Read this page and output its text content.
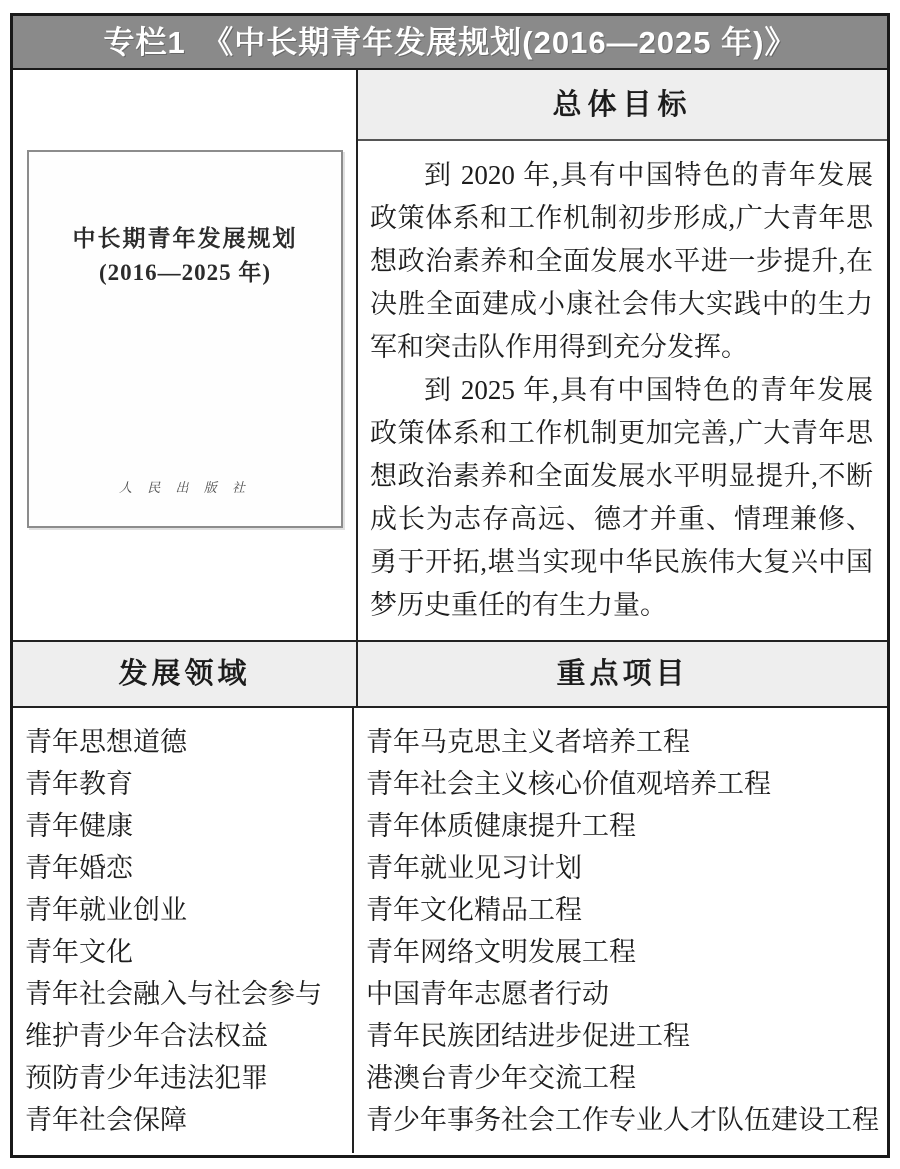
专栏1　《中长期青年发展规划(2016—2025 年)》
中长期青年发展规划
(2016—2025 年)
人 民 出 版 社
总体目标

到 2020 年,具有中国特色的青年发展政策体系和工作机制初步形成,广大青年思想政治素养和全面发展水平进一步提升,在决胜全面建成小康社会伟大实践中的生力军和突击队作用得到充分发挥。

到 2025 年,具有中国特色的青年发展政策体系和工作机制更加完善,广大青年思想政治素养和全面发展水平明显提升,不断成长为志存高远、德才并重、情理兼修、勇于开拓,堪当实现中华民族伟大复兴中国梦历史重任的有生力量。

发展领域	重点项目
青年思想道德
青年教育
青年健康
青年婚恋
青年就业创业
青年文化
青年社会融入与社会参与
维护青少年合法权益
预防青少年违法犯罪
青年社会保障
青年马克思主义者培养工程
青年社会主义核心价值观培养工程
青年体质健康提升工程
青年就业见习计划
青年文化精品工程
青年网络文明发展工程
中国青年志愿者行动
青年民族团结进步促进工程
港澳台青少年交流工程
青少年事务社会工作专业人才队伍建设工程
